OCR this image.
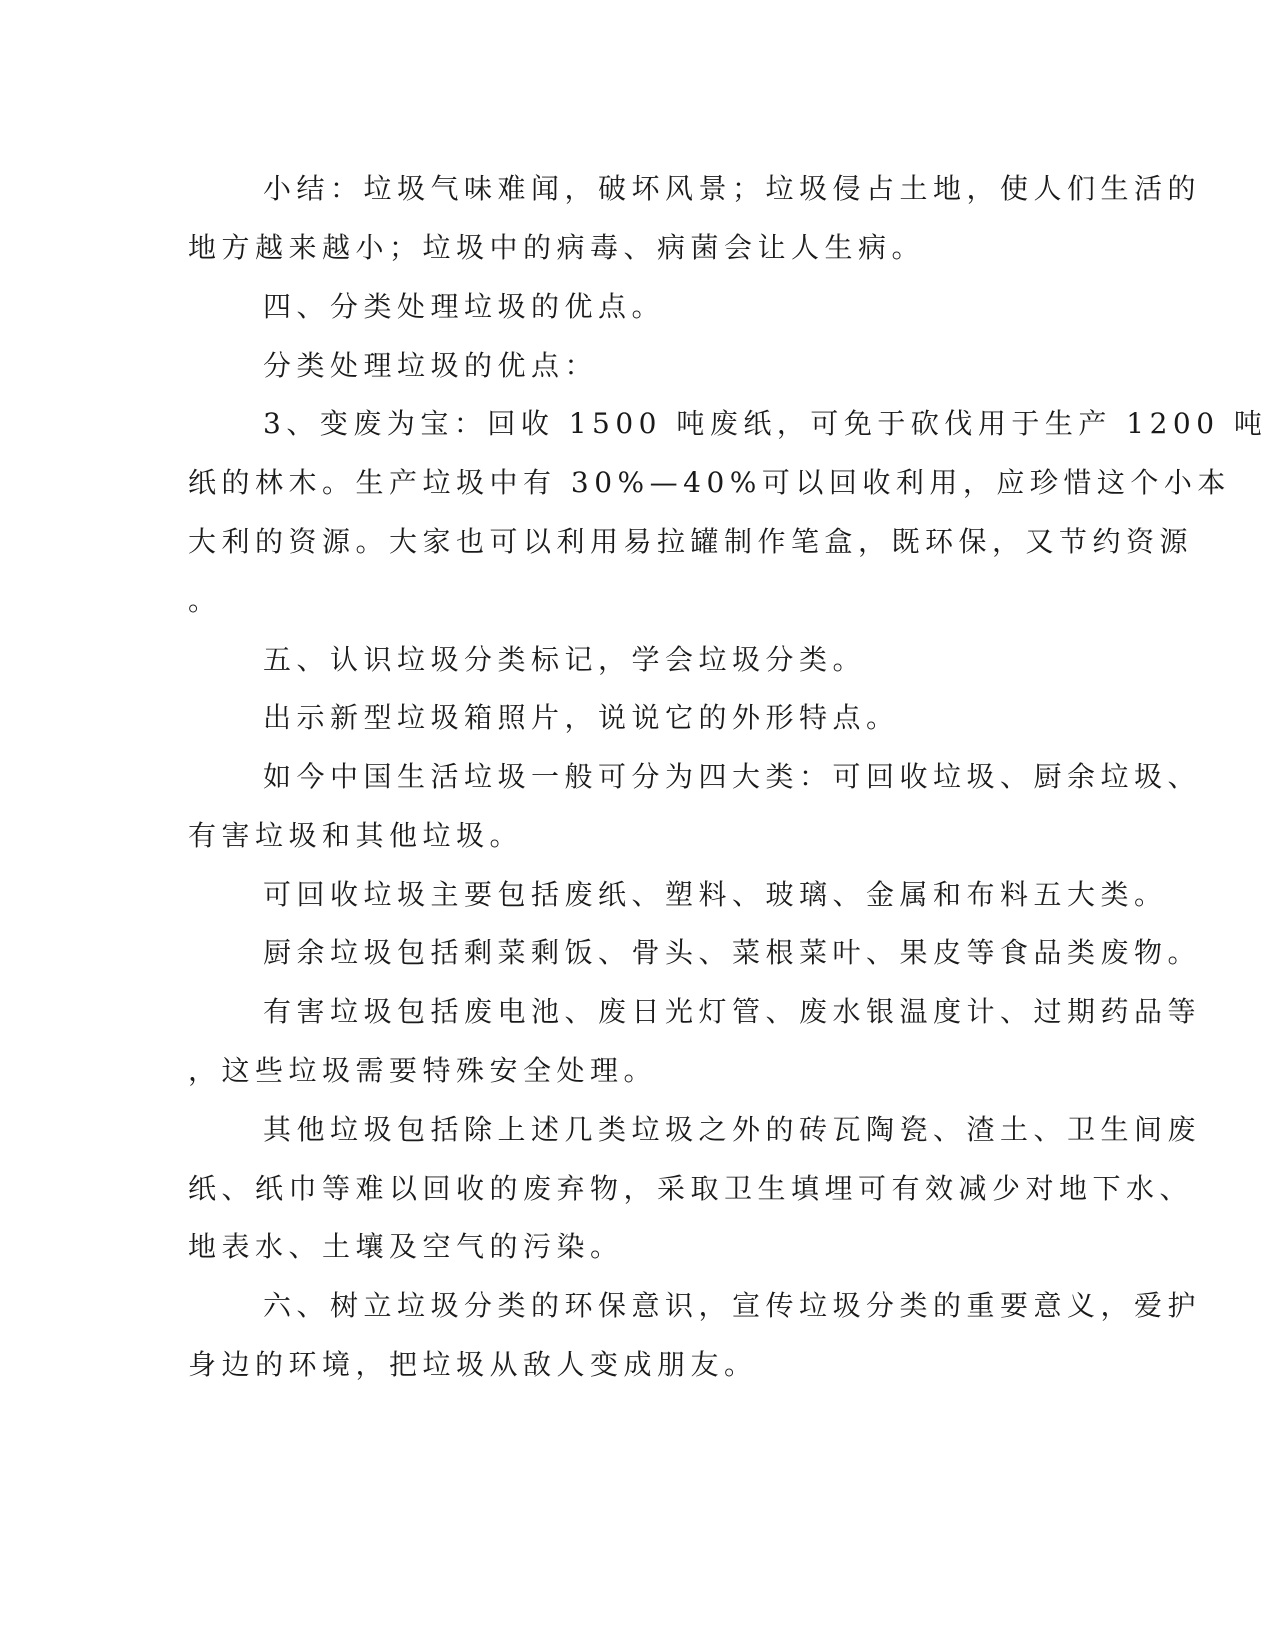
小结：垃圾气味难闻，破坏风景；垃圾侵占土地，使人们生活的
地方越来越小；垃圾中的病毒、病菌会让人生病。
四、分类处理垃圾的优点。
分类处理垃圾的优点：
3、变废为宝：回收 1500 吨废纸，可免于砍伐用于生产 1200 吨
纸的林木。生产垃圾中有 30%—40%可以回收利用，应珍惜这个小本
大利的资源。大家也可以利用易拉罐制作笔盒，既环保，又节约资源
。
五、认识垃圾分类标记，学会垃圾分类。
出示新型垃圾箱照片，说说它的外形特点。
如今中国生活垃圾一般可分为四大类：可回收垃圾、厨余垃圾、
有害垃圾和其他垃圾。
可回收垃圾主要包括废纸、塑料、玻璃、金属和布料五大类。
厨余垃圾包括剩菜剩饭、骨头、菜根菜叶、果皮等食品类废物。
有害垃圾包括废电池、废日光灯管、废水银温度计、过期药品等
，这些垃圾需要特殊安全处理。
其他垃圾包括除上述几类垃圾之外的砖瓦陶瓷、渣土、卫生间废
纸、纸巾等难以回收的废弃物，采取卫生填埋可有效减少对地下水、
地表水、土壤及空气的污染。
六、树立垃圾分类的环保意识，宣传垃圾分类的重要意义，爱护
身边的环境，把垃圾从敌人变成朋友。
